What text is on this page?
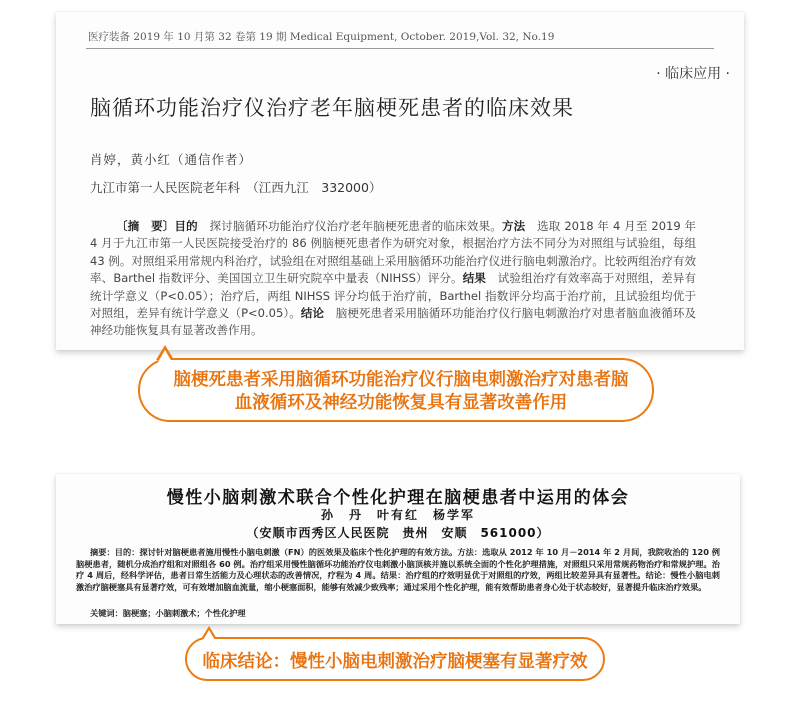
医疗装备 2019 年 10 月第 32 卷第 19 期 Medical Equipment, October. 2019,Vol. 32, No.19
· 临床应用 ·
脑循环功能治疗仪治疗老年脑梗死患者的临床效果
肖婷，黄小红（通信作者）
九江市第一人民医院老年科　（江西九江　332000）
〔摘　要〕目的　探讨脑循环功能治疗仪治疗老年脑梗死患者的临床效果。方法　选取 2018 年 4 月至 2019 年 4 月于九江市第一人民医院接受治疗的 86 例脑梗死患者作为研究对象，根据治疗方法不同分为对照组与试验组，每组 43 例。对照组采用常规内科治疗，试验组在对照组基础上采用脑循环功能治疗仪进行脑电刺激治疗。比较两组治疗有效率、Barthel 指数评分、美国国立卫生研究院卒中量表（NIHSS）评分。结果　试验组治疗有效率高于对照组，差异有统计学意义（P<0.05）；治疗后，两组 NIHSS 评分均低于治疗前，Barthel 指数评分均高于治疗前，且试验组均优于对照组，差异有统计学意义（P<0.05）。结论　脑梗死患者采用脑循环功能治疗仪行脑电刺激治疗对患者脑血液循环及神经功能恢复具有显著改善作用。
脑梗死患者采用脑循环功能治疗仪行脑电刺激治疗对患者脑血液循环及神经功能恢复具有显著改善作用
慢性小脑刺激术联合个性化护理在脑梗患者中运用的体会
孙　丹　叶有红　杨学军
（安顺市西秀区人民医院　贵州　安顺　561000）
摘要：目的：探讨针对脑梗患者施用慢性小脑电刺激（FN）的医效果及临床个性化护理的有效方法。方法：选取从 2012 年 10 月－2014 年 2 月间，我院收治的 120 例脑梗患者，随机分成治疗组和对照组各 60 例。治疗组采用慢性脑循环功能治疗仪电刺激小脑顶核并施以系统全面的个性化护理措施，对照组只采用常规药物治疗和常规护理。治疗 4 周后，经科学评估，患者日常生活能力及心理状态的改善情况，疗程为 4 周。结果：治疗组的疗效明显优于对照组的疗效，两组比较差异具有显著性。结论：慢性小脑电刺激治疗脑梗塞具有显著疗效，可有效增加脑血流量，缩小梗塞面积，能够有效减少致残率；通过采用个性化护理，能有效帮助患者身心处于状态较好，显著提升临床治疗效果。
关键词：脑梗塞；小脑刺激术；个性化护理
临床结论：慢性小脑电刺激治疗脑梗塞有显著疗效
